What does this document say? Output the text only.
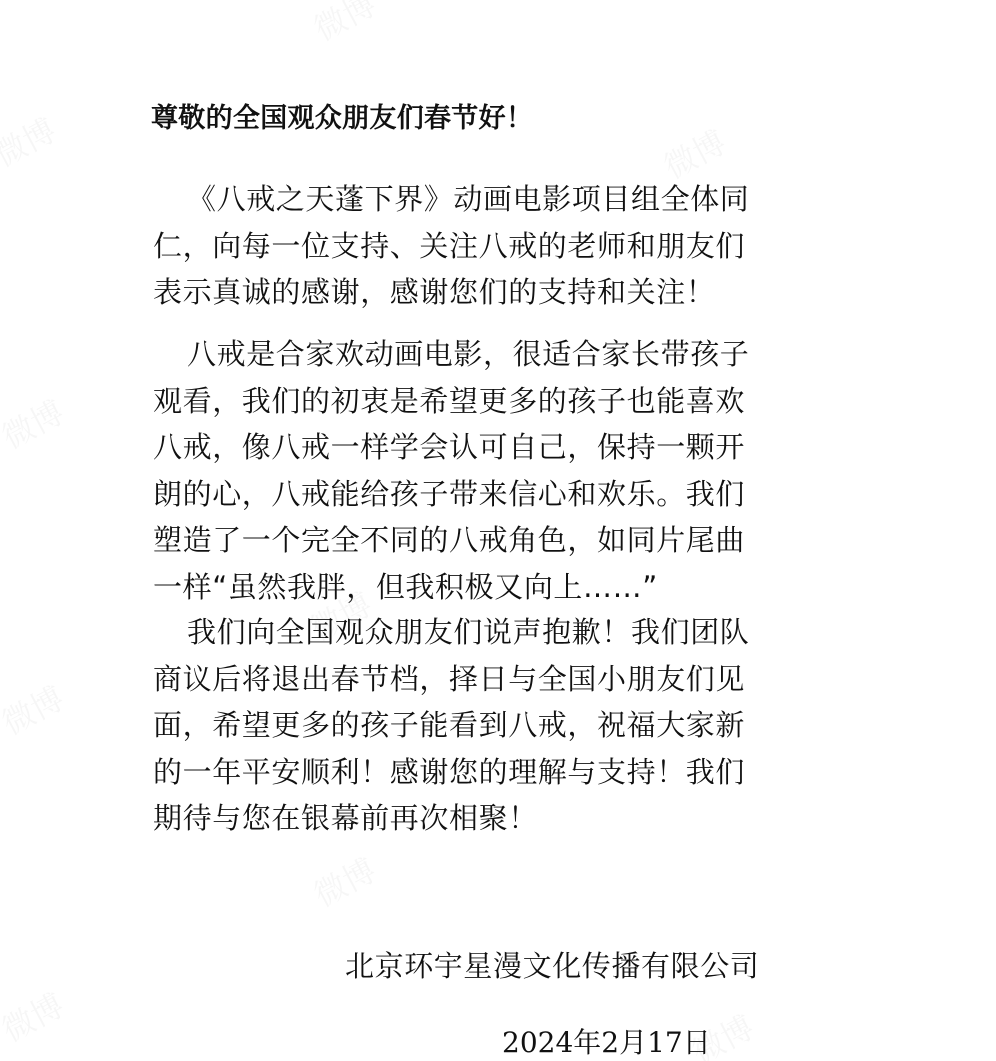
尊敬的全国观众朋友们春节好！
《八戒之天蓬下界》动画电影项目组全体同
仁，向每一位支持、关注八戒的老师和朋友们
表示真诚的感谢，感谢您们的支持和关注！
八戒是合家欢动画电影，很适合家长带孩子
观看，我们的初衷是希望更多的孩子也能喜欢
八戒，像八戒一样学会认可自己，保持一颗开
朗的心，八戒能给孩子带来信心和欢乐。我们
塑造了一个完全不同的八戒角色，如同片尾曲
一样“虽然我胖，但我积极又向上……”
我们向全国观众朋友们说声抱歉！我们团队
商议后将退出春节档，择日与全国小朋友们见
面，希望更多的孩子能看到八戒，祝福大家新
的一年平安顺利！感谢您的理解与支持！我们
期待与您在银幕前再次相聚！
北京环宇星漫文化传播有限公司
2024年2月17日
